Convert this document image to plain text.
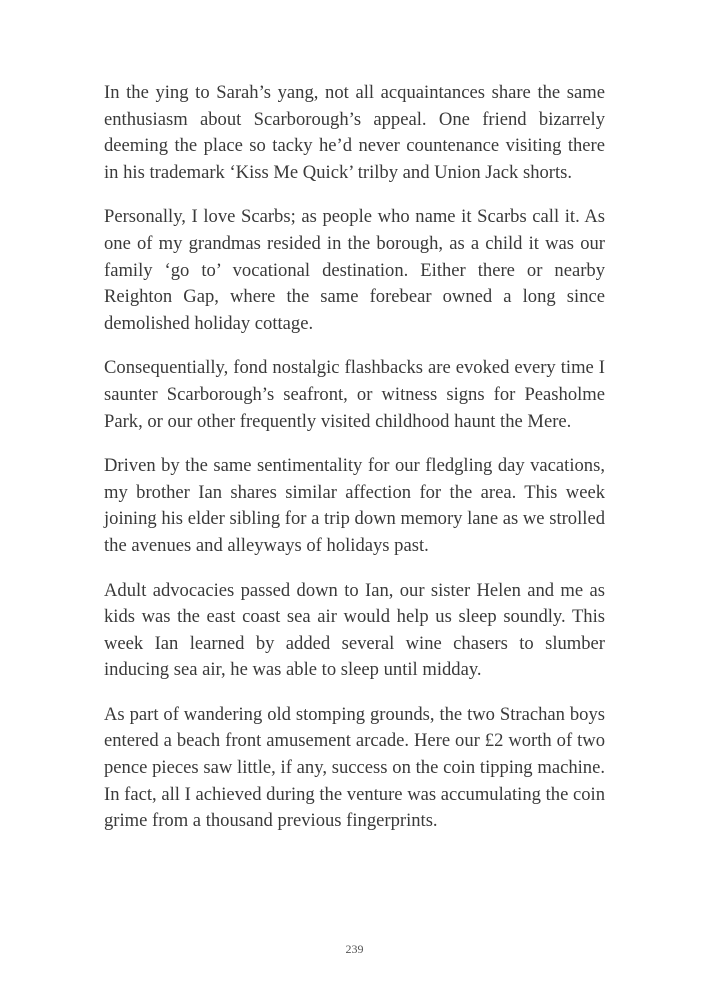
In the ying to Sarah’s yang, not all acquaintances share the same enthusiasm about Scarborough’s appeal. One friend bizarrely deeming the place so tacky he’d never countenance visiting there in his trademark ‘Kiss Me Quick’ trilby and Union Jack shorts.

Personally, I love Scarbs; as people who name it Scarbs call it. As one of my grandmas resided in the borough, as a child it was our family ‘go to’ vocational destination. Either there or nearby Reighton Gap, where the same forebear owned a long since demolished holiday cottage.

Consequentially, fond nostalgic flashbacks are evoked every time I saunter Scarborough’s seafront, or witness signs for Peasholme Park, or our other frequently visited childhood haunt the Mere.

Driven by the same sentimentality for our fledgling day vacations, my brother Ian shares similar affection for the area. This week joining his elder sibling for a trip down memory lane as we strolled the avenues and alleyways of holidays past.

Adult advocacies passed down to Ian, our sister Helen and me as kids was the east coast sea air would help us sleep soundly. This week Ian learned by added several wine chasers to slumber inducing sea air, he was able to sleep until midday.

As part of wandering old stomping grounds, the two Strachan boys entered a beach front amusement arcade. Here our £2 worth of two pence pieces saw little, if any, success on the coin tipping machine. In fact, all I achieved during the venture was accumulating the coin grime from a thousand previous fingerprints.

239
